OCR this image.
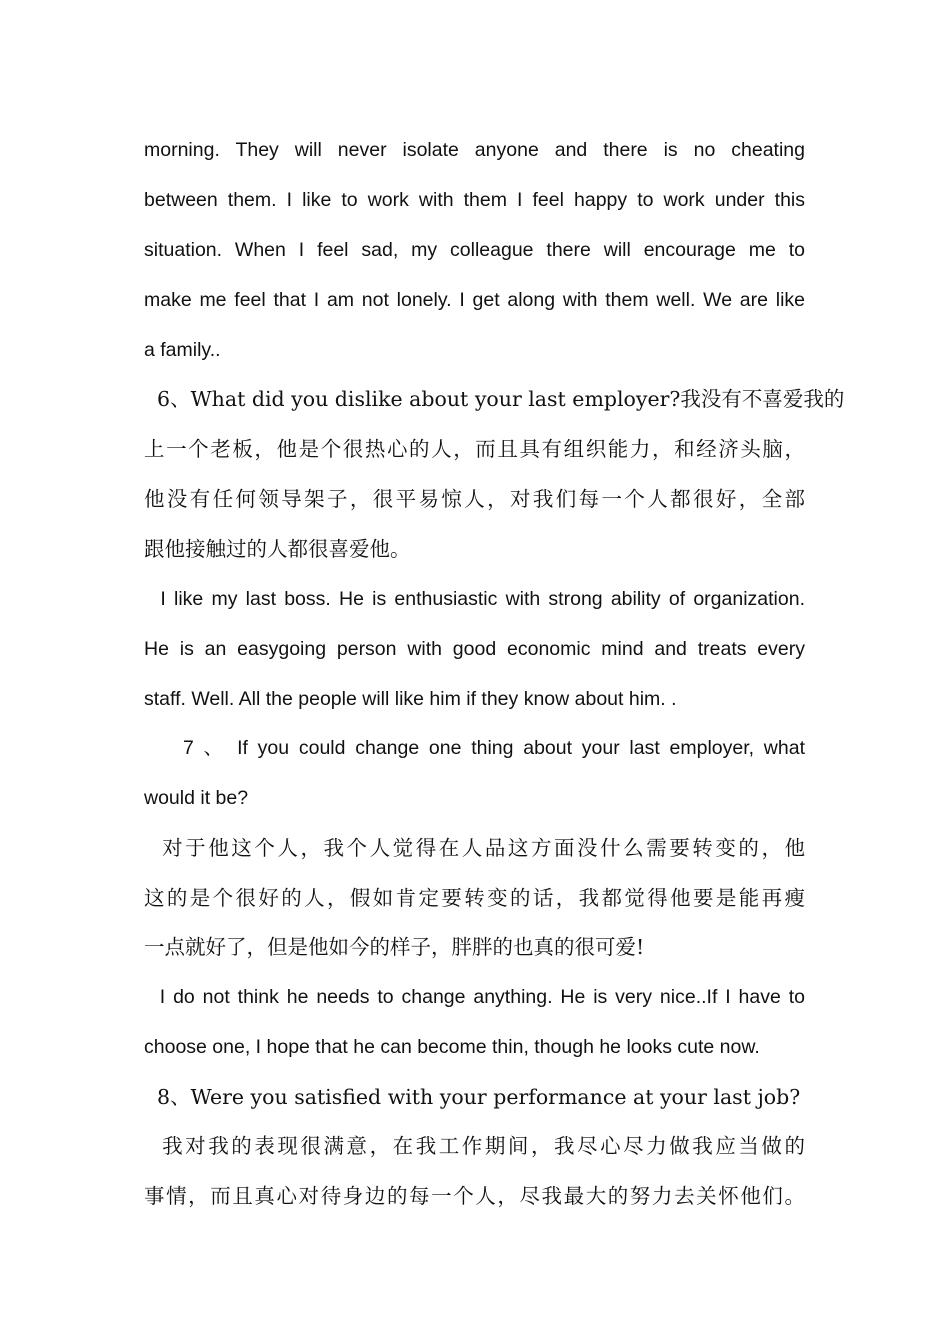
morning. They will never isolate anyone and there is no cheating
between them. I like to work with them I feel happy to work under this
situation. When I feel sad, my colleague there will encourage me to
make me feel that I am not lonely. I get along with them well. We are like
a family..
6、What did you dislike about your last employer?我没有不喜爱我的
上一个老板，他是个很热心的人，而且具有组织能力，和经济头脑，
他没有任何领导架子，很平易惊人，对我们每一个人都很好，全部
跟他接触过的人都很喜爱他。
I like my last boss. He is enthusiastic with strong ability of organization.
He is an easygoing person with good economic mind and treats every
staff. Well. All the people will like him if they know about him. .
7 、 If you could change one thing about your last employer, what
would it be?
对于他这个人，我个人觉得在人品这方面没什么需要转变的，他
这的是个很好的人，假如肯定要转变的话，我都觉得他要是能再瘦
一点就好了，但是他如今的样子，胖胖的也真的很可爱!
I do not think he needs to change anything. He is very nice..If I have to
choose one, I hope that he can become thin, though he looks cute now.
8、Were you satisfied with your performance at your last job?
我对我的表现很满意，在我工作期间，我尽心尽力做我应当做的
事情，而且真心对待身边的每一个人，尽我最大的努力去关怀他们。
